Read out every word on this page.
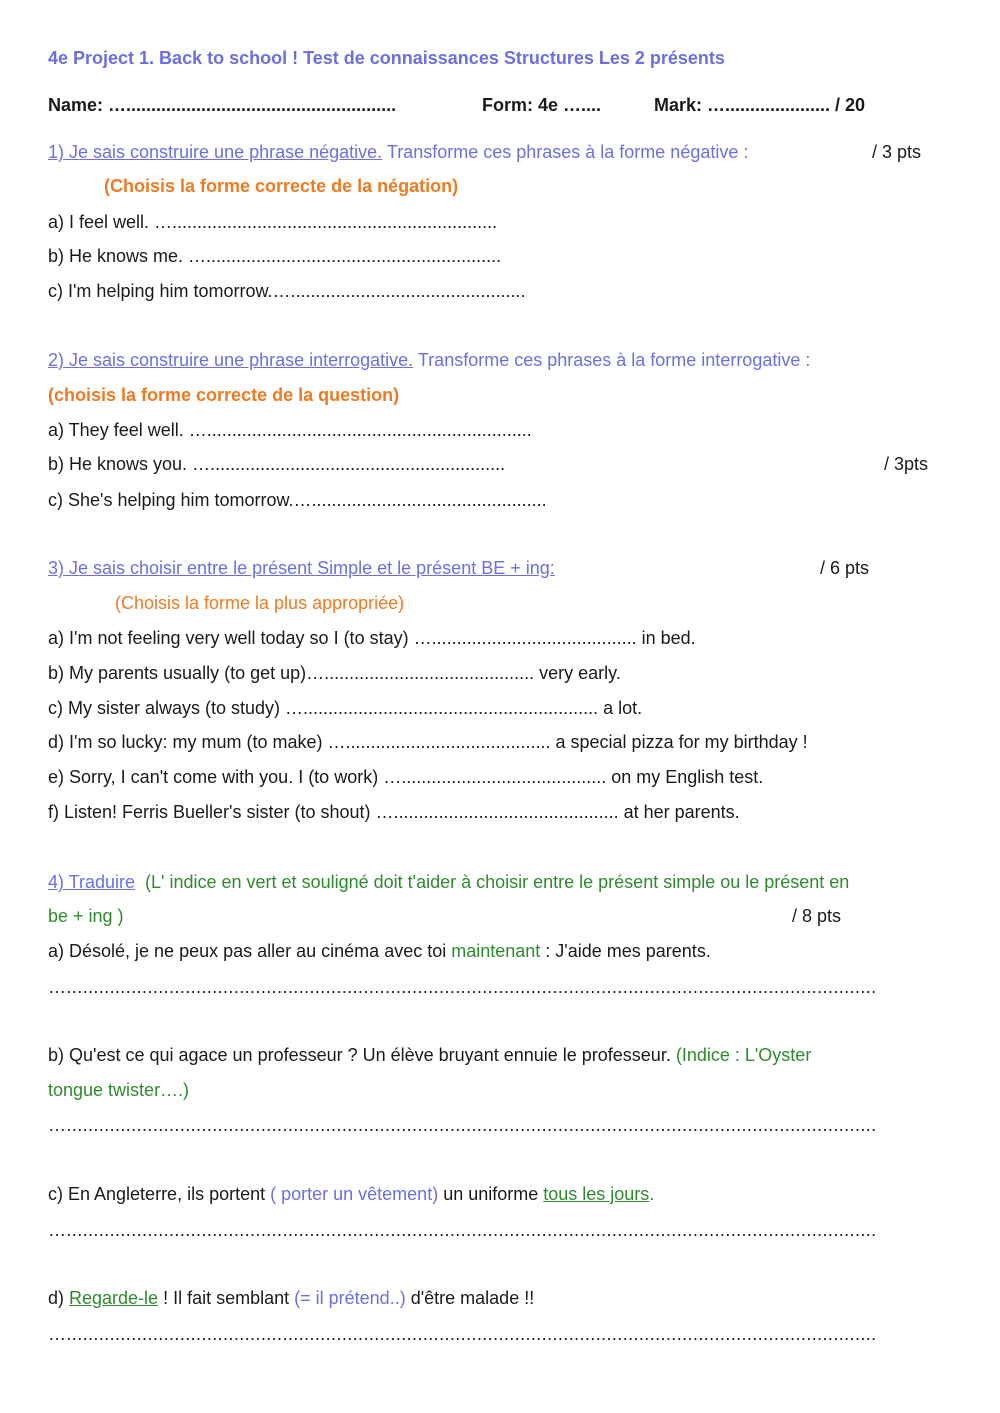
4e Project 1. Back to school ! Test de connaissances Structures Les 2 présents
Name: …......................................................	Form: 4e …....	Mark: …..................... / 20
1) Je sais construire une phrase négative. Transforme ces phrases à la forme négative :	/ 3 pts
(Choisis la forme correcte de la négation)
a) I feel well. ….................................................................
b) He knows me. …...........................................................
c) I'm helping him tomorrow.…...............................................
2) Je sais construire une phrase interrogative. Transforme ces phrases à la forme interrogative :
(choisis la forme correcte de la question)
a) They feel well. ….................................................................
b) He knows you. …...........................................................	/ 3pts
c) She's helping him tomorrow.…...............................................
3) Je sais choisir entre le présent Simple et le présent BE + ing:	/ 6 pts
(Choisis la forme la plus appropriée)
a) I'm not feeling very well today so I (to stay) …......................................... in bed.
b) My parents usually (to get up)….......................................... very early.
c) My sister always (to study) …........................................................... a lot.
d) I'm so lucky: my mum (to make) …......................................... a special pizza for my birthday !
e) Sorry, I can't come with you. I (to work) …......................................... on my English test.
f) Listen! Ferris Bueller's sister (to shout) …............................................. at her parents.
4) Traduire (L' indice en vert et souligné doit t'aider à choisir entre le présent simple ou le présent en
be + ing )	/ 8 pts
a) Désolé, je ne peux pas aller au cinéma avec toi maintenant : J'aide mes parents.
…......................................................................................................................................................
b) Qu'est ce qui agace un professeur ? Un élève bruyant ennuie le professeur. (Indice : L'Oyster
tongue twister….)
…......................................................................................................................................................
c) En Angleterre, ils portent ( porter un vêtement) un uniforme tous les jours.
…......................................................................................................................................................
d) Regarde-le ! Il fait semblant (= il prétend..) d'être malade !!
…......................................................................................................................................................
